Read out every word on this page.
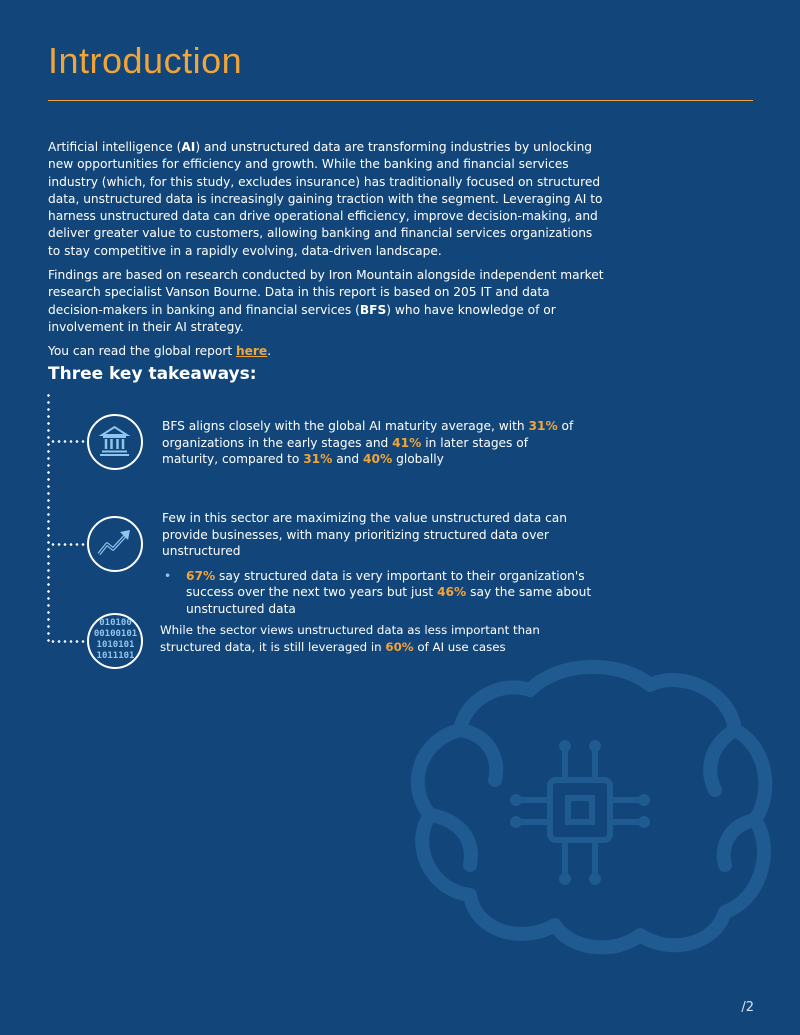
Introduction

Artificial intelligence (AI) and unstructured data are transforming industries by unlocking new opportunities for efficiency and growth. While the banking and financial services industry (which, for this study, excludes insurance) has traditionally focused on structured data, unstructured data is increasingly gaining traction with the segment. Leveraging AI to harness unstructured data can drive operational efficiency, improve decision-making, and deliver greater value to customers, allowing banking and financial services organizations to stay competitive in a rapidly evolving, data-driven landscape.

Findings are based on research conducted by Iron Mountain alongside independent market research specialist Vanson Bourne. Data in this report is based on 205 IT and data decision-makers in banking and financial services (BFS) who have knowledge of or involvement in their AI strategy.

You can read the global report here.

Three key takeaways:

BFS aligns closely with the global AI maturity average, with 31% of organizations in the early stages and 41% in later stages of maturity, compared to 31% and 40% globally

Few in this sector are maximizing the value unstructured data can provide businesses, with many prioritizing structured data over unstructured

• 67% say structured data is very important to their organization's success over the next two years but just 46% say the same about unstructured data
010100
00100101
1010101
1011101

While the sector views unstructured data as less important than structured data, it is still leveraged in 60% of AI use cases

/2
